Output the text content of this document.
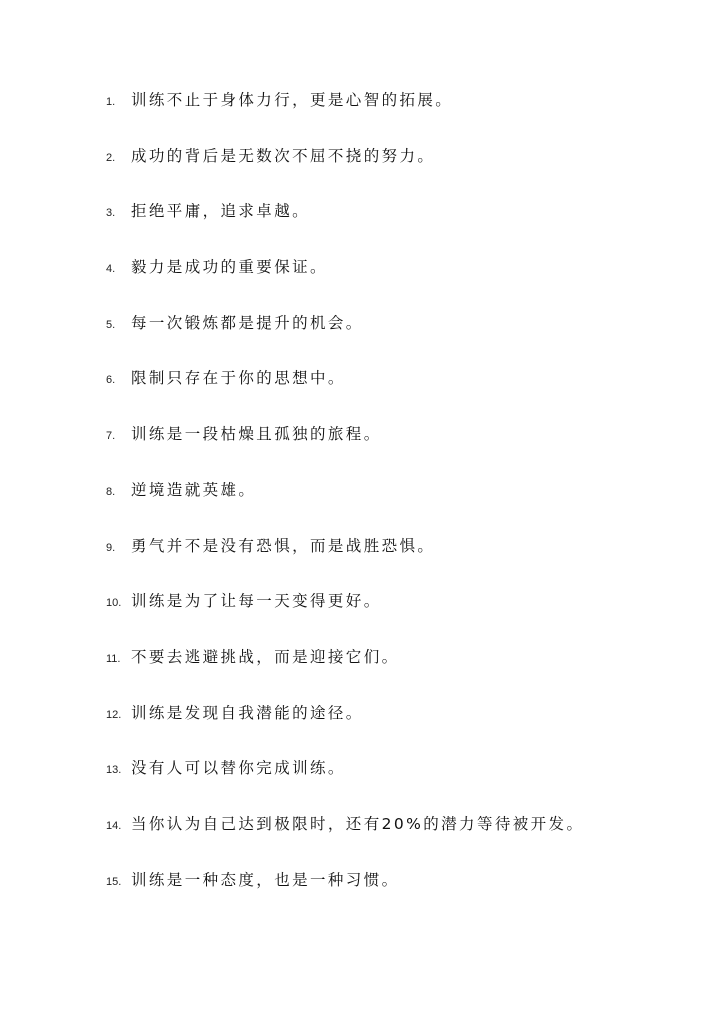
1.	训练不止于身体力行，更是心智的拓展。
2.	成功的背后是无数次不屈不挠的努力。
3.	拒绝平庸，追求卓越。
4.	毅力是成功的重要保证。
5.	每一次锻炼都是提升的机会。
6.	限制只存在于你的思想中。
7.	训练是一段枯燥且孤独的旅程。
8.	逆境造就英雄。
9.	勇气并不是没有恐惧，而是战胜恐惧。
10. 训练是为了让每一天变得更好。
11. 不要去逃避挑战，而是迎接它们。
12. 训练是发现自我潜能的途径。
13. 没有人可以替你完成训练。
14. 当你认为自己达到极限时，还有20%的潜力等待被开发。
15. 训练是一种态度，也是一种习惯。
